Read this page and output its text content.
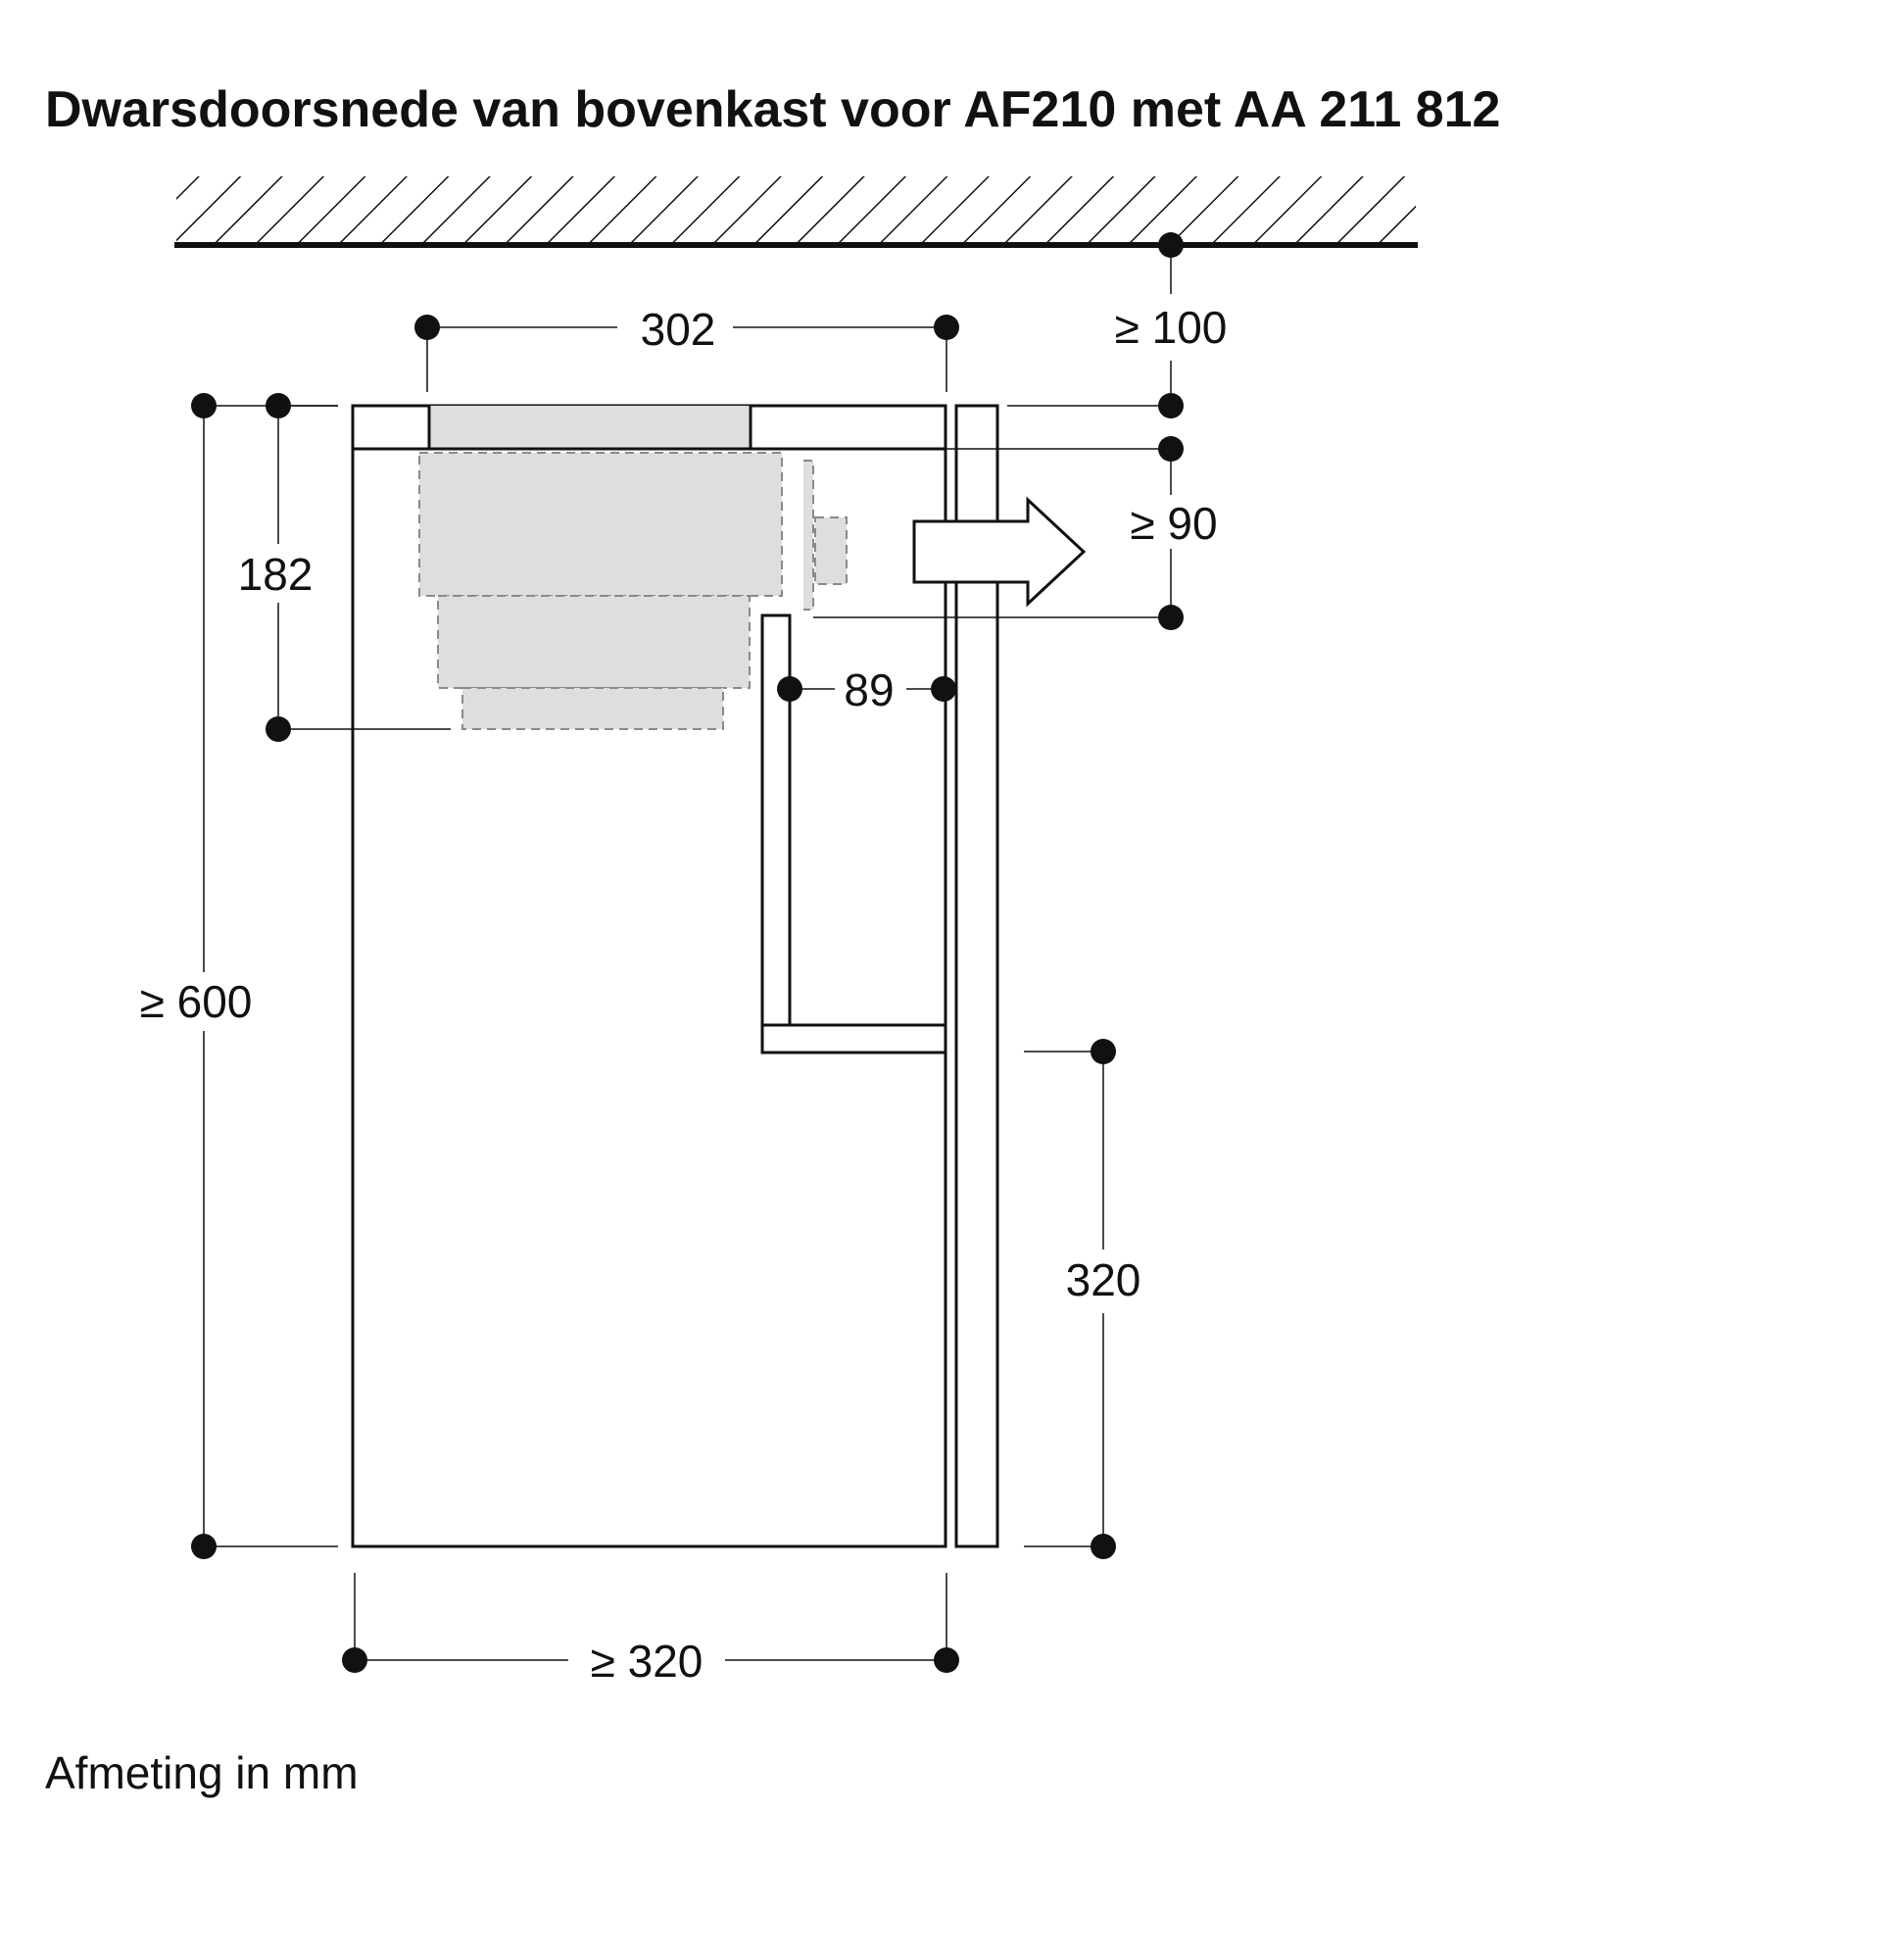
Dwarsdoorsnede van bovenkast voor AF210 met AA 211 812
302	≥ 100
≥ 90
182
89
≥ 600
320
≥ 320
Afmeting in mm
